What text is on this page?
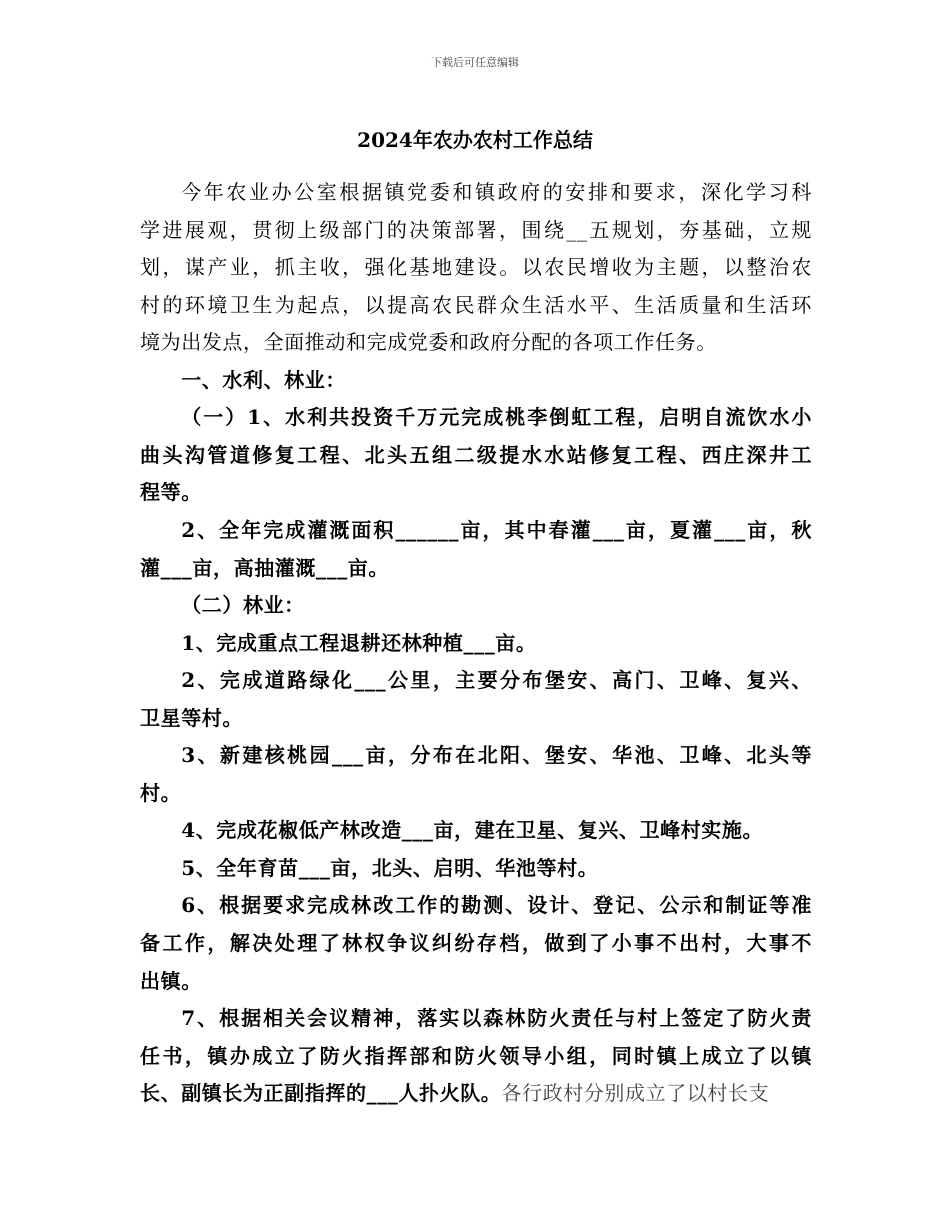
下载后可任意编辑
2024年农办农村工作总结
今年农业办公室根据镇党委和镇政府的安排和要求，深化学习科
学进展观，贯彻上级部门的决策部署，围绕__五规划，夯基础，立规
划，谋产业，抓主收，强化基地建设。以农民增收为主题，以整治农
村的环境卫生为起点，以提高农民群众生活水平、生活质量和生活环
境为出发点，全面推动和完成党委和政府分配的各项工作任务。
一、水利、林业：
（一）1、水利共投资千万元完成桃李倒虹工程，启明自流饮水小
曲头沟管道修复工程、北头五组二级提水水站修复工程、西庄深井工
程等。
2、全年完成灌溉面积______亩，其中春灌___亩，夏灌___亩，秋
灌___亩，高抽灌溉___亩。
（二）林业：
1、完成重点工程退耕还林种植___亩。
2、完成道路绿化___公里，主要分布堡安、高门、卫峰、复兴、
卫星等村。
3、新建核桃园___亩，分布在北阳、堡安、华池、卫峰、北头等
村。
4、完成花椒低产林改造___亩，建在卫星、复兴、卫峰村实施。
5、全年育苗___亩，北头、启明、华池等村。
6、根据要求完成林改工作的勘测、设计、登记、公示和制证等准
备工作，解决处理了林权争议纠纷存档，做到了小事不出村，大事不
出镇。
7、根据相关会议精神，落实以森林防火责任与村上签定了防火责
任书，镇办成立了防火指挥部和防火领导小组，同时镇上成立了以镇
长、副镇长为正副指挥的___人扑火队。各行政村分别成立了以村长支
